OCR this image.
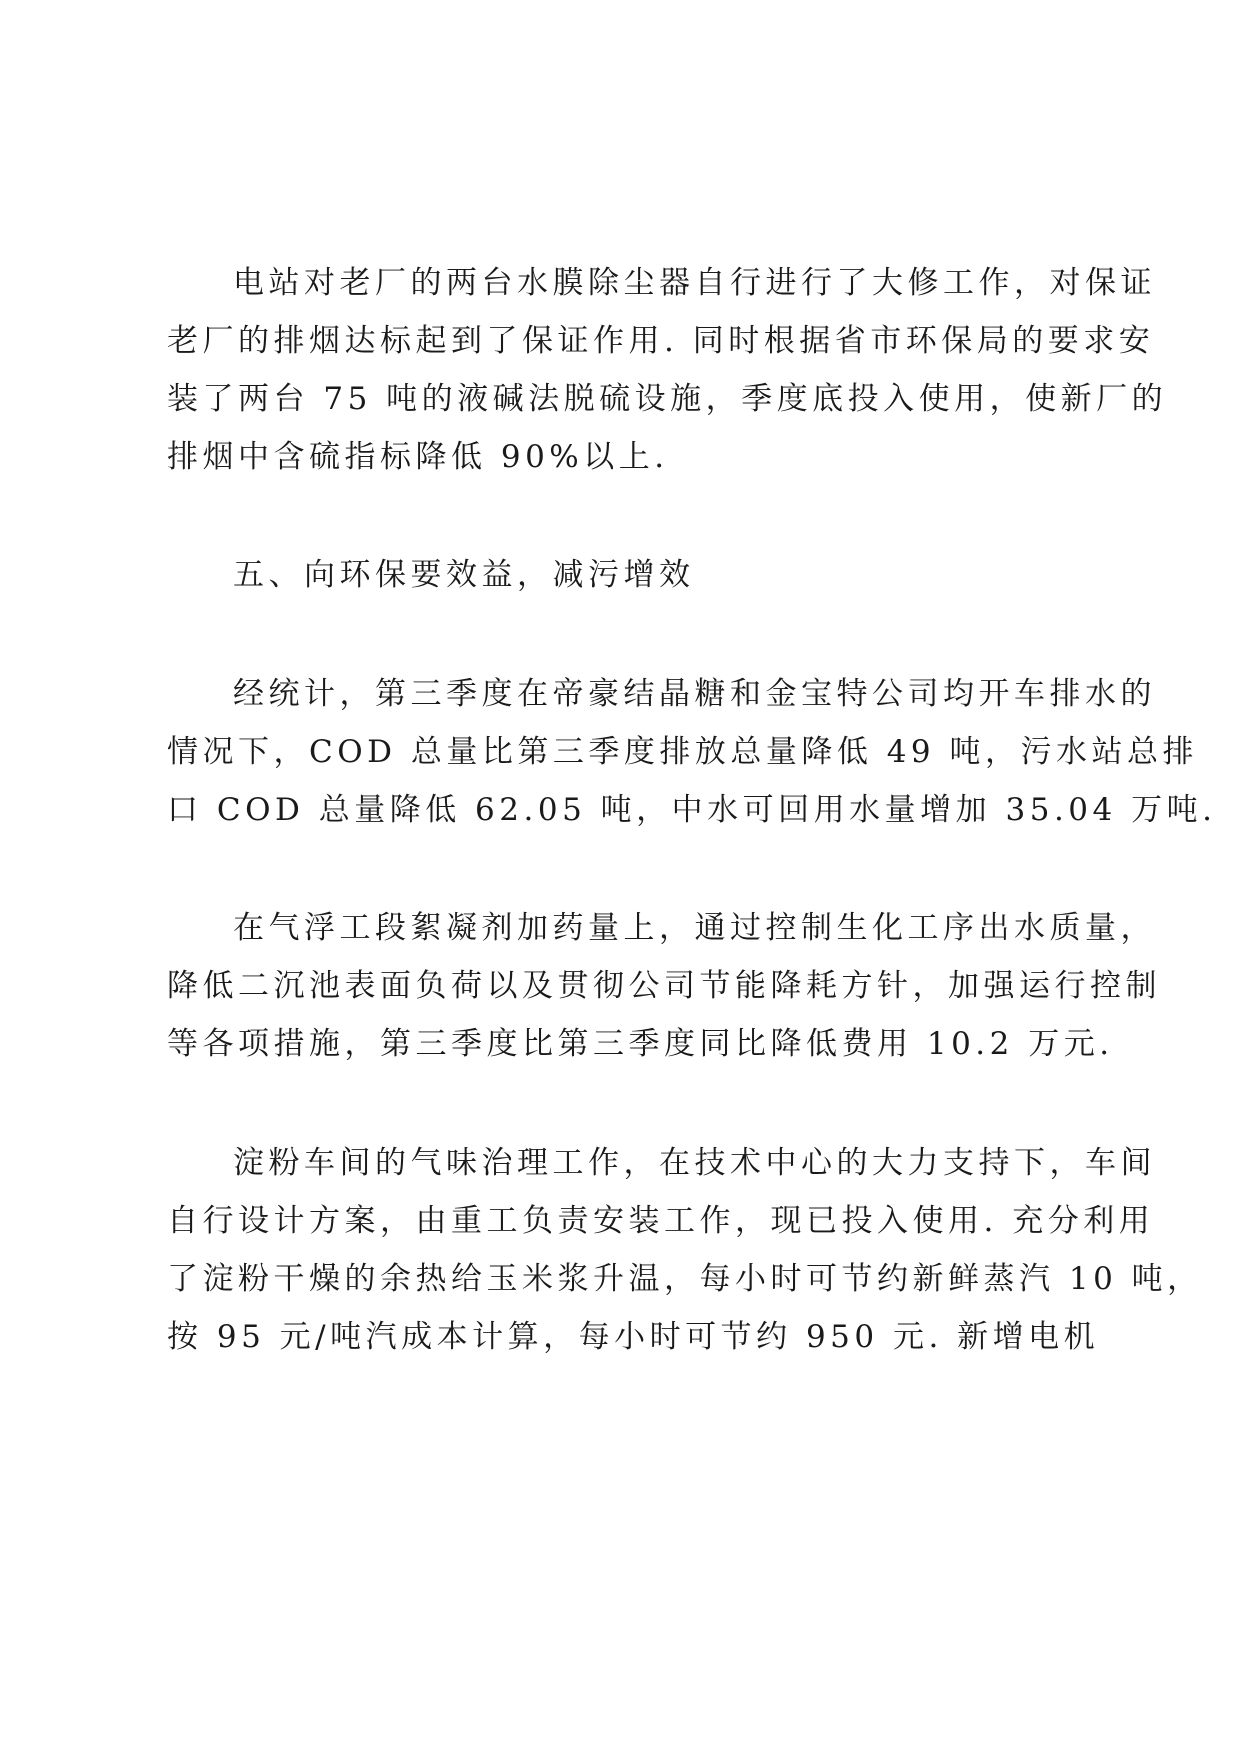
电站对老厂的两台水膜除尘器自行进行了大修工作，对保证
老厂的排烟达标起到了保证作用. 同时根据省市环保局的要求安
装了两台 75 吨的液碱法脱硫设施，季度底投入使用，使新厂的
排烟中含硫指标降低 90%以上.
五、向环保要效益，减污增效
经统计，第三季度在帝豪结晶糖和金宝特公司均开车排水的
情况下，COD 总量比第三季度排放总量降低 49 吨，污水站总排
口 COD 总量降低 62.05 吨，中水可回用水量增加 35.04 万吨.
在气浮工段絮凝剂加药量上，通过控制生化工序出水质量，
降低二沉池表面负荷以及贯彻公司节能降耗方针，加强运行控制
等各项措施，第三季度比第三季度同比降低费用 10.2 万元.
淀粉车间的气味治理工作，在技术中心的大力支持下，车间
自行设计方案，由重工负责安装工作，现已投入使用. 充分利用
了淀粉干燥的余热给玉米浆升温，每小时可节约新鲜蒸汽 10 吨，
按 95 元/吨汽成本计算，每小时可节约 950 元. 新增电机
